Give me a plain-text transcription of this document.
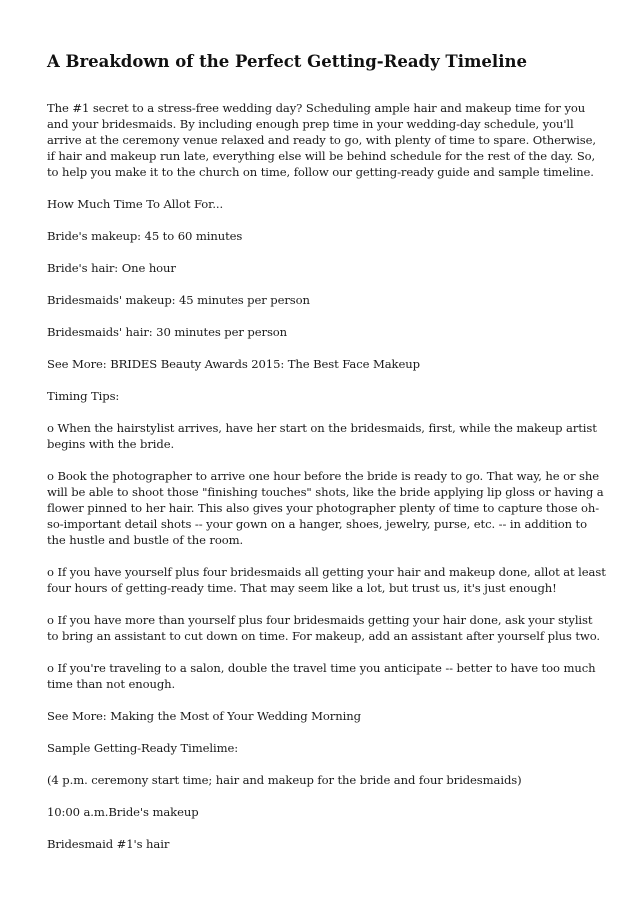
A Breakdown of the Perfect Getting-Ready Timeline

The #1 secret to a stress-free wedding day? Scheduling ample hair and makeup time for you and your bridesmaids. By including enough prep time in your wedding-day schedule, you'll arrive at the ceremony venue relaxed and ready to go, with plenty of time to spare. Otherwise, if hair and makeup run late, everything else will be behind schedule for the rest of the day. So, to help you make it to the church on time, follow our getting-ready guide and sample timeline.

How Much Time To Allot For...

Bride's makeup: 45 to 60 minutes

Bride's hair: One hour

Bridesmaids' makeup: 45 minutes per person

Bridesmaids' hair: 30 minutes per person

See More: BRIDES Beauty Awards 2015: The Best Face Makeup

Timing Tips:

o When the hairstylist arrives, have her start on the bridesmaids, first, while the makeup artist begins with the bride.

o Book the photographer to arrive one hour before the bride is ready to go. That way, he or she will be able to shoot those "finishing touches" shots, like the bride applying lip gloss or having a flower pinned to her hair. This also gives your photographer plenty of time to capture those oh-so-important detail shots -- your gown on a hanger, shoes, jewelry, purse, etc. -- in addition to the hustle and bustle of the room.

o If you have yourself plus four bridesmaids all getting your hair and makeup done, allot at least four hours of getting-ready time. That may seem like a lot, but trust us, it's just enough!

o If you have more than yourself plus four bridesmaids getting your hair done, ask your stylist to bring an assistant to cut down on time. For makeup, add an assistant after yourself plus two.

o If you're traveling to a salon, double the travel time you anticipate -- better to have too much time than not enough.

See More: Making the Most of Your Wedding Morning

Sample Getting-Ready Timelime:

(4 p.m. ceremony start time; hair and makeup for the bride and four bridesmaids)

10:00 a.m.Bride's makeup

Bridesmaid #1's hair
